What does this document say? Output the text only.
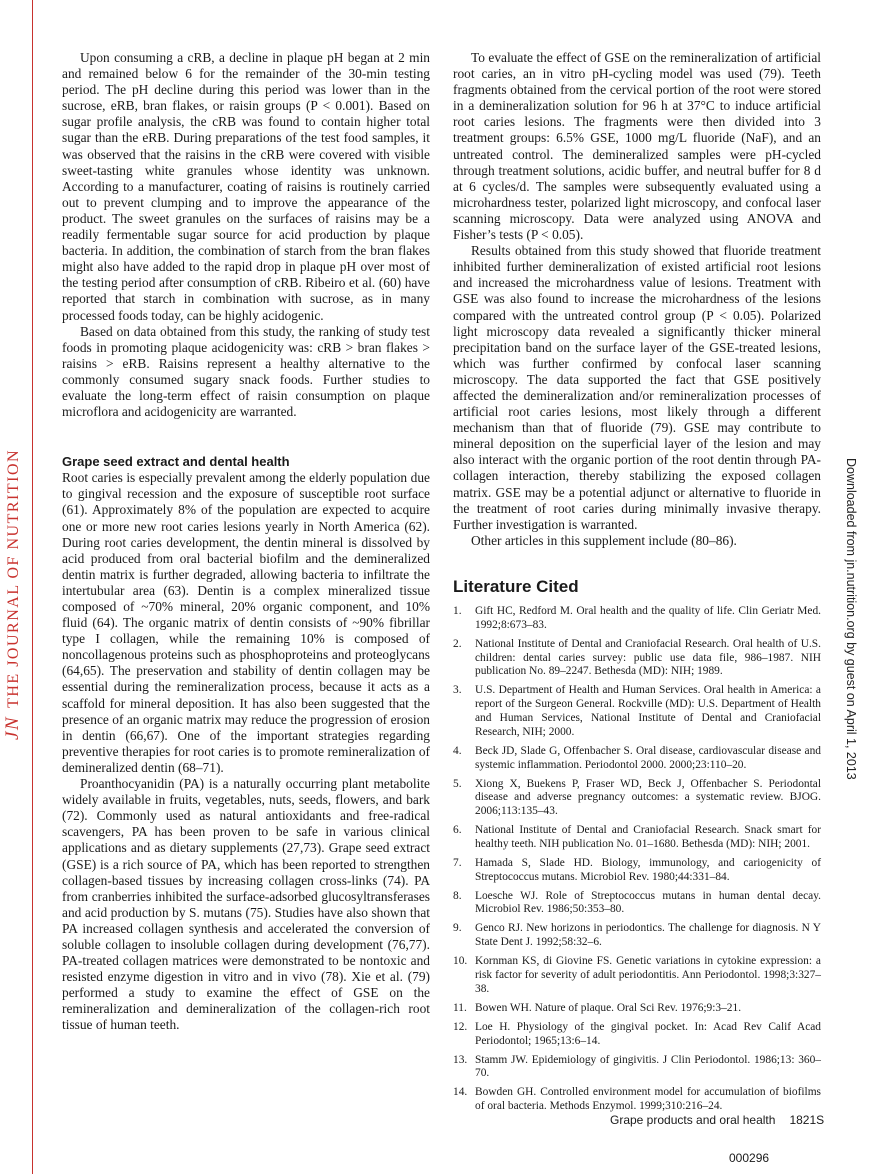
JNTHE JOURNAL OF NUTRITION	Downloaded from jn.nutrition.org by guest on April 1, 2013

Upon consuming a cRB, a decline in plaque pH began at 2 min and remained below 6 for the remainder of the 30-min testing period. The pH decline during this period was lower than in the sucrose, eRB, bran flakes, or raisin groups (P < 0.001). Based on sugar profile analysis, the cRB was found to contain higher total sugar than the eRB. During preparations of the test food samples, it was observed that the raisins in the cRB were covered with visible sweet-tasting white granules whose identity was unknown. According to a manufacturer, coating of raisins is routinely carried out to prevent clumping and to improve the appearance of the product. The sweet granules on the surfaces of raisins may be a readily fermentable sugar source for acid production by plaque bacteria. In addition, the combination of starch from the bran flakes might also have added to the rapid drop in plaque pH over most of the testing period after consumption of cRB. Ribeiro et al. (60) have reported that starch in combination with sucrose, as in many processed foods today, can be highly acidogenic.

Based on data obtained from this study, the ranking of study test foods in promoting plaque acidogenicity was: cRB > bran flakes > raisins > eRB. Raisins represent a healthy alternative to the commonly consumed sugary snack foods. Further studies to evaluate the long-term effect of raisin consumption on plaque microflora and acidogenicity are warranted.

Grape seed extract and dental health

Root caries is especially prevalent among the elderly population due to gingival recession and the exposure of susceptible root surface (61). Approximately 8% of the population are expected to acquire one or more new root caries lesions yearly in North America (62). During root caries development, the dentin mineral is dissolved by acid produced from oral bacterial biofilm and the demineralized dentin matrix is further degraded, allowing bacteria to infiltrate the intertubular area (63). Dentin is a complex mineralized tissue composed of ~70% mineral, 20% organic component, and 10% fluid (64). The organic matrix of dentin consists of ~90% fibrillar type I collagen, while the remaining 10% is composed of noncollagenous proteins such as phosphoproteins and proteoglycans (64,65). The preservation and stability of dentin collagen may be essential during the remineralization process, because it acts as a scaffold for mineral deposition. It has also been suggested that the presence of an organic matrix may reduce the progression of erosion in dentin (66,67). One of the important strategies regarding preventive therapies for root caries is to promote remineralization of demineralized dentin (68–71).

Proanthocyanidin (PA) is a naturally occurring plant metabolite widely available in fruits, vegetables, nuts, seeds, flowers, and bark (72). Commonly used as natural antioxidants and free-radical scavengers, PA has been proven to be safe in various clinical applications and as dietary supplements (27,73). Grape seed extract (GSE) is a rich source of PA, which has been reported to strengthen collagen-based tissues by increasing collagen cross-links (74). PA from cranberries inhibited the surface-adsorbed glucosyltransferases and acid production by S. mutans (75). Studies have also shown that PA increased collagen synthesis and accelerated the conversion of soluble collagen to insoluble collagen during development (76,77). PA-treated collagen matrices were demonstrated to be nontoxic and resisted enzyme digestion in vitro and in vivo (78). Xie et al. (79) performed a study to examine the effect of GSE on the remineralization and demineralization of the collagen-rich root tissue of human teeth.

To evaluate the effect of GSE on the remineralization of artificial root caries, an in vitro pH-cycling model was used (79). Teeth fragments obtained from the cervical portion of the root were stored in a demineralization solution for 96 h at 37°C to induce artificial root caries lesions. The fragments were then divided into 3 treatment groups: 6.5% GSE, 1000 mg/L fluoride (NaF), and an untreated control. The demineralized samples were pH-cycled through treatment solutions, acidic buffer, and neutral buffer for 8 d at 6 cycles/d. The samples were subsequently evaluated using a microhardness tester, polarized light microscopy, and confocal laser scanning microscopy. Data were analyzed using ANOVA and Fisher’s tests (P < 0.05).

Results obtained from this study showed that fluoride treatment inhibited further demineralization of existed artificial root lesions and increased the microhardness value of lesions. Treatment with GSE was also found to increase the microhardness of the lesions compared with the untreated control group (P < 0.05). Polarized light microscopy data revealed a significantly thicker mineral precipitation band on the surface layer of the GSE-treated lesions, which was further confirmed by confocal laser scanning microscopy. The data supported the fact that GSE positively affected the demineralization and/or remineralization processes of artificial root caries lesions, most likely through a different mechanism than that of fluoride (79). GSE may contribute to mineral deposition on the superficial layer of the lesion and may also interact with the organic portion of the root dentin through PA-collagen interaction, thereby stabilizing the exposed collagen matrix. GSE may be a potential adjunct or alternative to fluoride in the treatment of root caries during minimally invasive therapy. Further investigation is warranted.

Other articles in this supplement include (80–86).

Literature Cited
1.	Gift HC, Redford M. Oral health and the quality of life. Clin Geriatr Med. 1992;8:673–83.
2.	National Institute of Dental and Craniofacial Research. Oral health of U.S. children: dental caries survey: public use data file, 986–1987. NIH publication No. 89–2247. Bethesda (MD): NIH; 1989.
3.	U.S. Department of Health and Human Services. Oral health in America: a report of the Surgeon General. Rockville (MD): U.S. Department of Health and Human Services, National Institute of Dental and Craniofacial Research, NIH; 2000.
4.	Beck JD, Slade G, Offenbacher S. Oral disease, cardiovascular disease and systemic inflammation. Periodontol 2000. 2000;23:110–20.
5.	Xiong X, Buekens P, Fraser WD, Beck J, Offenbacher S. Periodontal disease and adverse pregnancy outcomes: a systematic review. BJOG. 2006;113:135–43.
6.	National Institute of Dental and Craniofacial Research. Snack smart for healthy teeth. NIH publication No. 01–1680. Bethesda (MD): NIH; 2001.
7.	Hamada S, Slade HD. Biology, immunology, and cariogenicity of Streptococcus mutans. Microbiol Rev. 1980;44:331–84.
8.	Loesche WJ. Role of Streptococcus mutans in human dental decay. Microbiol Rev. 1986;50:353–80.
9.	Genco RJ. New horizons in periodontics. The challenge for diagnosis. N Y State Dent J. 1992;58:32–6.
10. Kornman KS, di Giovine FS. Genetic variations in cytokine expression: a risk factor for severity of adult periodontitis. Ann Periodontol. 1998;3:327–38.
11. Bowen WH. Nature of plaque. Oral Sci Rev. 1976;9:3–21.
12. Loe H. Physiology of the gingival pocket. In: Acad Rev Calif Acad Periodontol; 1965;13:6–14.
13. Stamm JW. Epidemiology of gingivitis. J Clin Periodontol. 1986;13: 360–70.
14. Bowden GH. Controlled environment model for accumulation of biofilms of oral bacteria. Methods Enzymol. 1999;310:216–24.
Grape products and oral health 1821S
000296
